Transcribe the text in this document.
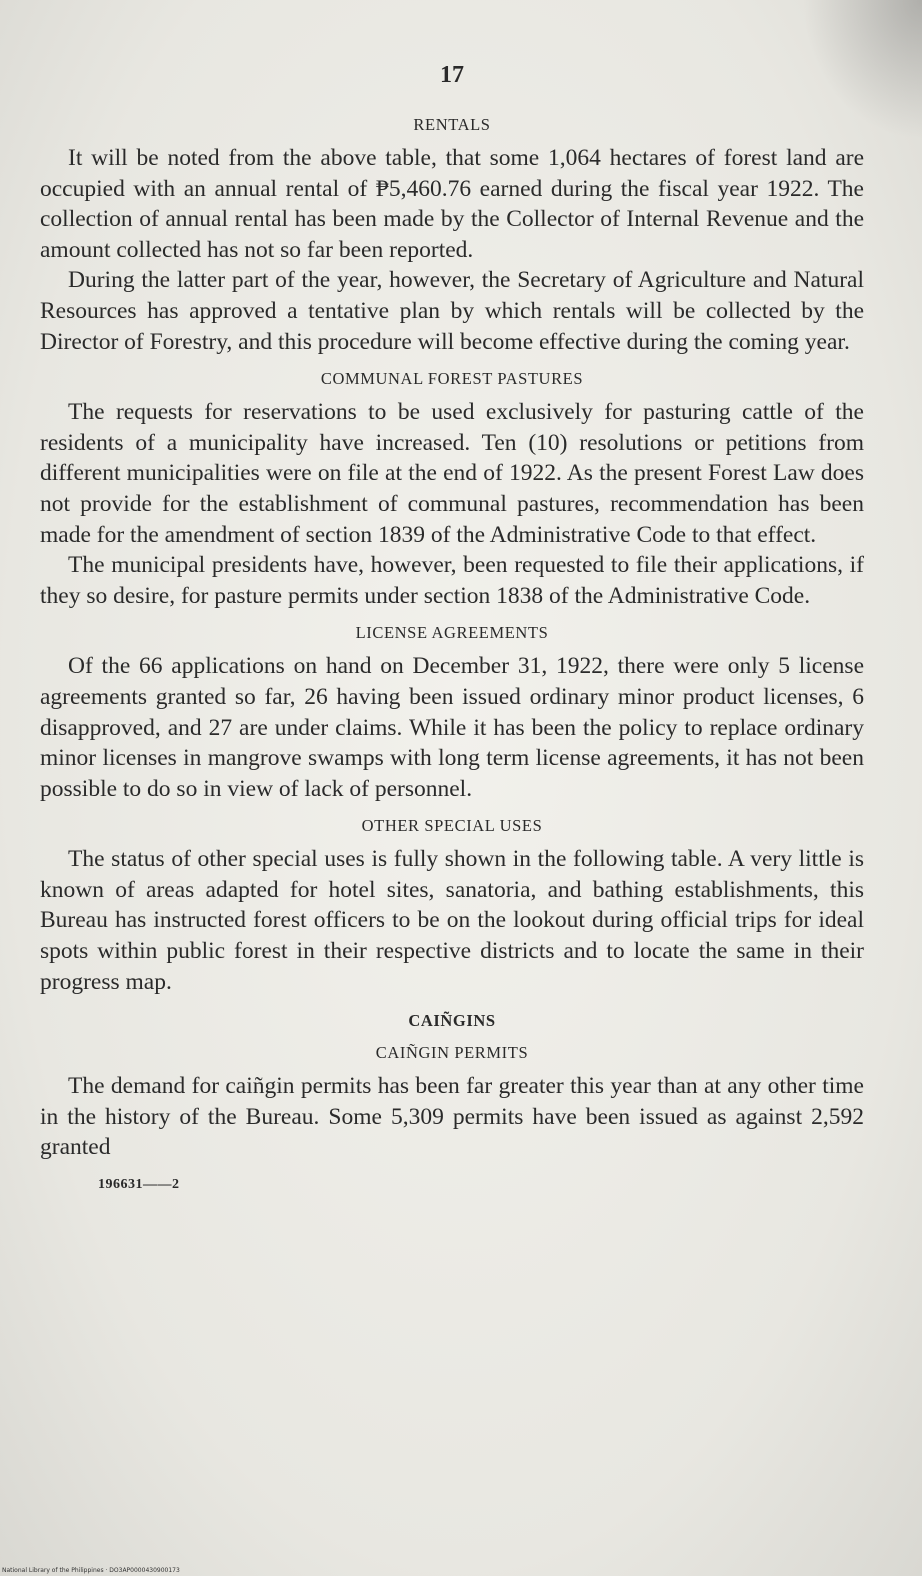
17
RENTALS

It will be noted from the above table, that some 1,064 hectares of forest land are occupied with an annual rental of ₱5,460.76 earned during the fiscal year 1922. The collection of annual rental has been made by the Collector of Internal Revenue and the amount collected has not so far been reported.

During the latter part of the year, however, the Secretary of Agriculture and Natural Resources has approved a tentative plan by which rentals will be collected by the Director of Forestry, and this procedure will become effective during the coming year.

COMMUNAL FOREST PASTURES

The requests for reservations to be used exclusively for pasturing cattle of the residents of a municipality have increased. Ten (10) resolutions or petitions from different municipalities were on file at the end of 1922. As the present Forest Law does not provide for the establishment of communal pastures, recommendation has been made for the amendment of section 1839 of the Administrative Code to that effect.

The municipal presidents have, however, been requested to file their applications, if they so desire, for pasture permits under section 1838 of the Administrative Code.

LICENSE AGREEMENTS

Of the 66 applications on hand on December 31, 1922, there were only 5 license agreements granted so far, 26 having been issued ordinary minor product licenses, 6 disapproved, and 27 are under claims. While it has been the policy to replace ordinary minor licenses in mangrove swamps with long term license agreements, it has not been possible to do so in view of lack of personnel.

OTHER SPECIAL USES

The status of other special uses is fully shown in the following table. A very little is known of areas adapted for hotel sites, sanatoria, and bathing establishments, this Bureau has instructed forest officers to be on the lookout during official trips for ideal spots within public forest in their respective districts and to locate the same in their progress map.

CAIÑGINS
CAIÑGIN PERMITS

The demand for caiñgin permits has been far greater this year than at any other time in the history of the Bureau. Some 5,309 permits have been issued as against 2,592 granted

196631——2
National Library of the Philippines · DO3AP0000430900173
